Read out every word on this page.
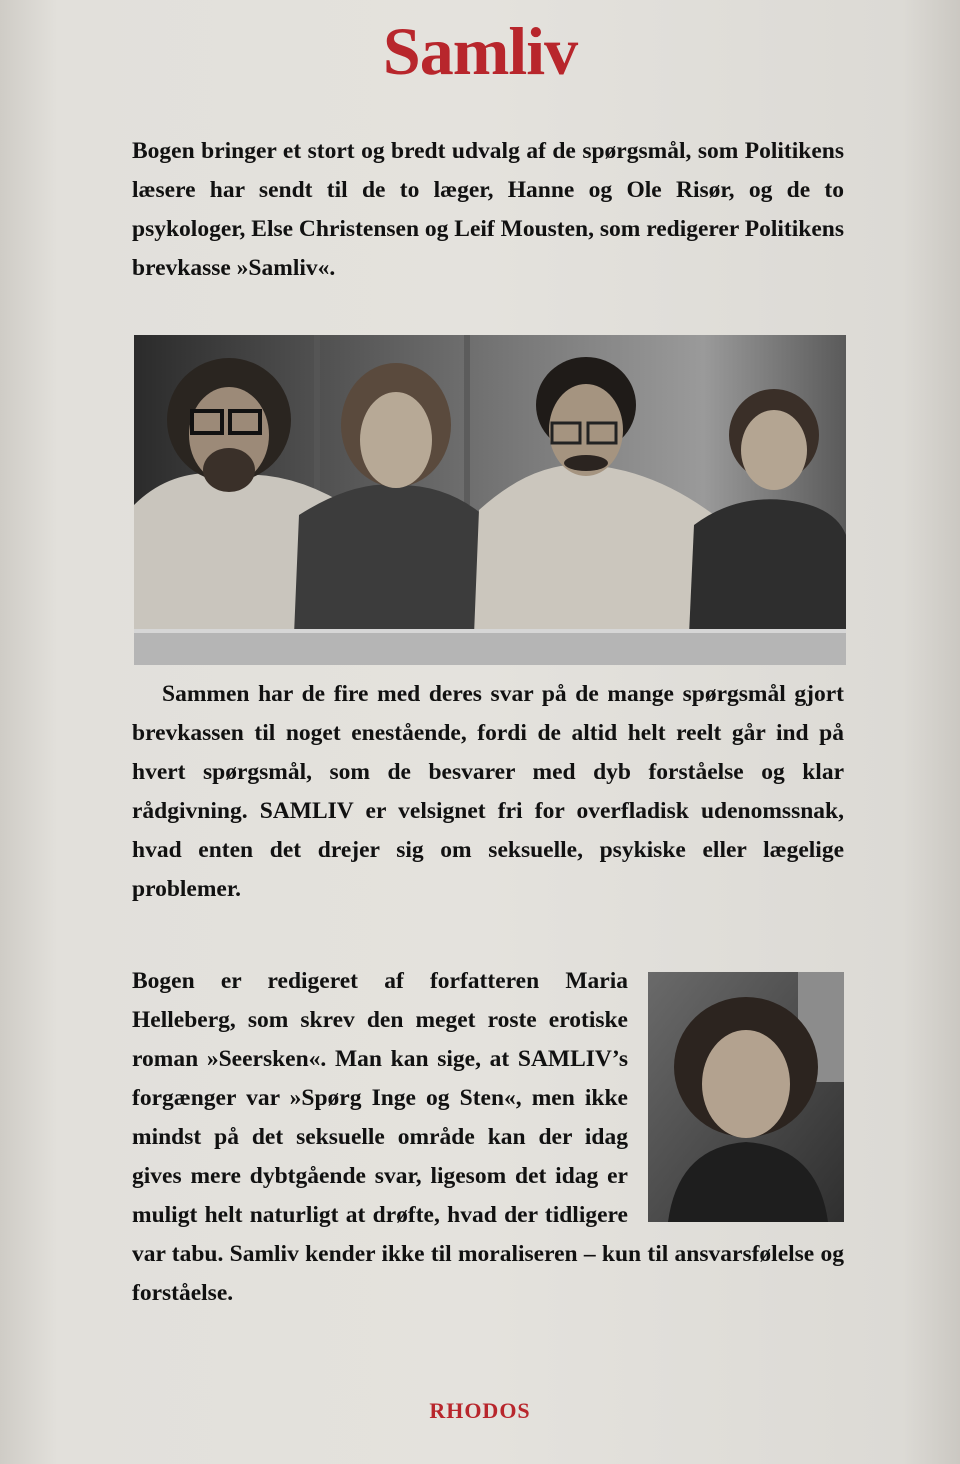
Samliv

Bogen bringer et stort og bredt udvalg af de spørgsmål, som Politikens læsere har sendt til de to læger, Hanne og Ole Risør, og de to psykologer, Else Christensen og Leif Mousten, som redigerer Politikens brevkasse »Samliv«.

Sammen har de fire med deres svar på de mange spørgsmål gjort brevkassen til noget enestående, fordi de altid helt reelt går ind på hvert spørgsmål, som de besvarer med dyb forståelse og klar rådgivning. SAMLIV er velsignet fri for overfladisk udenomssnak, hvad enten det drejer sig om seksuelle, psykiske eller lægelige problemer.

Bogen er redigeret af forfatteren Maria Helleberg, som skrev den meget roste erotiske roman »Seersken«. Man kan sige, at SAMLIV’s forgænger var »Spørg Inge og Sten«, men ikke mindst på det seksuelle område kan der idag gives mere dybtgående svar, ligesom det idag er muligt helt naturligt at drøfte, hvad der tidligere var tabu. Samliv kender ikke til moraliseren – kun til ansvarsfølelse og forståelse.

RHODOS
